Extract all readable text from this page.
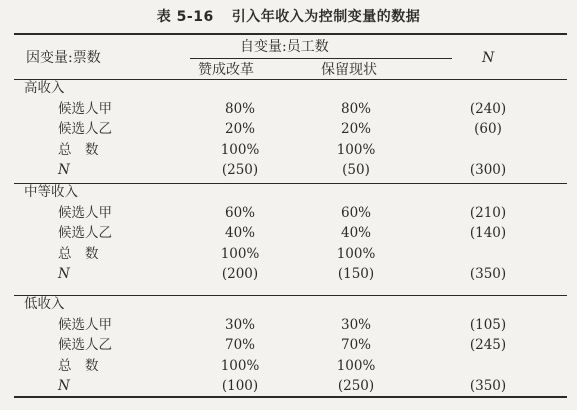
表 5-16 引入年收入为控制变量的数据
因变量:票数
自变量:员工数
赞成改革	保留现状
N
高收入
候选人甲	80%	80%	(240)
候选人乙	20%	20%	(60)
总　数	100%	100%
N	(250)	(50)	(300)
中等收入
候选人甲	60%	60%	(210)
候选人乙	40%	40%	(140)
总　数	100%	100%
N	(200)	(150)	(350)
低收入
候选人甲	30%	30%	(105)
候选人乙	70%	70%	(245)
总　数	100%	100%
N	(100)	(250)	(350)
